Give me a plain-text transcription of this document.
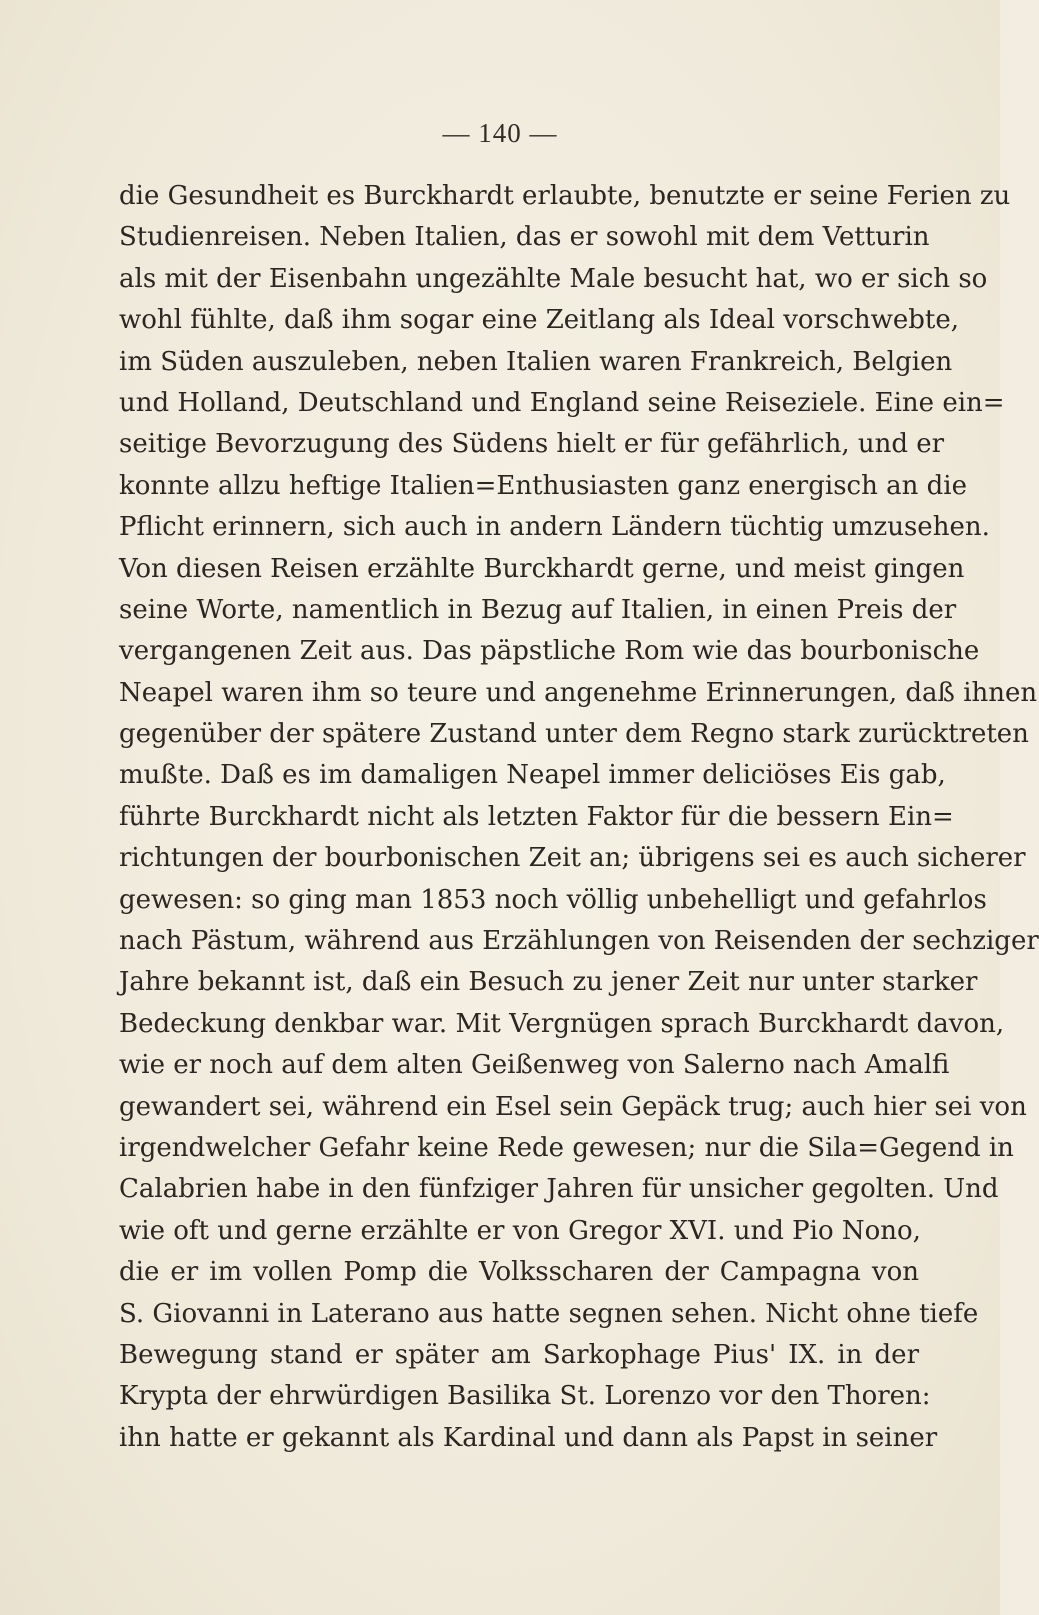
— 140 —
die Gesundheit es Burckhardt erlaubte, benutzte er seine Ferien zu
Studienreisen. Neben Italien, das er sowohl mit dem Vetturin
als mit der Eisenbahn ungezählte Male besucht hat, wo er sich so
wohl fühlte, daß ihm sogar eine Zeitlang als Ideal vorschwebte,
im Süden auszuleben, neben Italien waren Frankreich, Belgien
und Holland, Deutschland und England seine Reiseziele. Eine ein=
seitige Bevorzugung des Südens hielt er für gefährlich, und er
konnte allzu heftige Italien=Enthusiasten ganz energisch an die
Pflicht erinnern, sich auch in andern Ländern tüchtig umzusehen.
Von diesen Reisen erzählte Burckhardt gerne, und meist gingen
seine Worte, namentlich in Bezug auf Italien, in einen Preis der
vergangenen Zeit aus. Das päpstliche Rom wie das bourbonische
Neapel waren ihm so teure und angenehme Erinnerungen, daß ihnen
gegenüber der spätere Zustand unter dem Regno stark zurücktreten
mußte. Daß es im damaligen Neapel immer deliciöses Eis gab,
führte Burckhardt nicht als letzten Faktor für die bessern Ein=
richtungen der bourbonischen Zeit an; übrigens sei es auch sicherer
gewesen: so ging man 1853 noch völlig unbehelligt und gefahrlos
nach Pästum, während aus Erzählungen von Reisenden der sechziger
Jahre bekannt ist, daß ein Besuch zu jener Zeit nur unter starker
Bedeckung denkbar war. Mit Vergnügen sprach Burckhardt davon,
wie er noch auf dem alten Geißenweg von Salerno nach Amalfi
gewandert sei, während ein Esel sein Gepäck trug; auch hier sei von
irgendwelcher Gefahr keine Rede gewesen; nur die Sila=Gegend in
Calabrien habe in den fünfziger Jahren für unsicher gegolten. Und
wie oft und gerne erzählte er von Gregor XVI. und Pio Nono,
die er im vollen Pomp die Volksscharen der Campagna von
S. Giovanni in Laterano aus hatte segnen sehen. Nicht ohne tiefe
Bewegung stand er später am Sarkophage Pius' IX. in der
Krypta der ehrwürdigen Basilika St. Lorenzo vor den Thoren:
ihn hatte er gekannt als Kardinal und dann als Papst in seiner
